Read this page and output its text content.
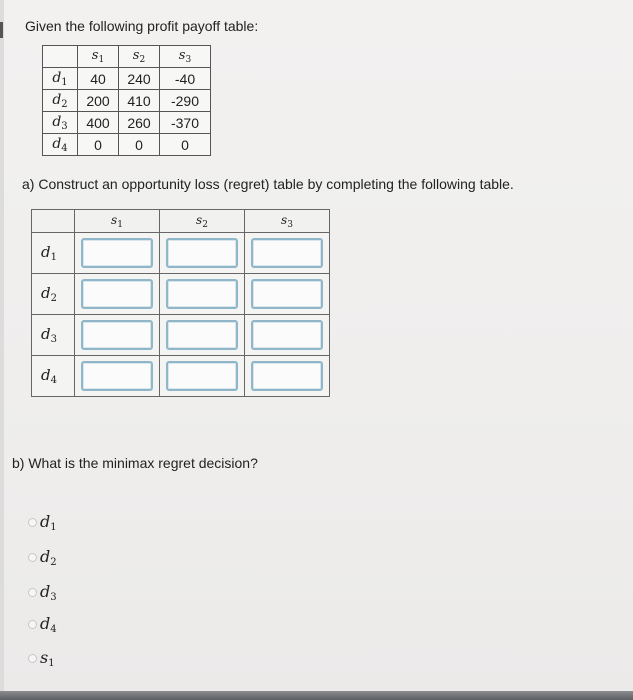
Given the following profit payoff table:
	$s_1$	$s_2$	$s_3$
$d_1$	40	240	-40
$d_2$	200	410	-290
$d_3$	400	260	-370
$d_4$	0	0	0
a) Construct an opportunity loss (regret) table by completing the following table.
	$s_1$	$s_2$	$s_3$
$d_1$	

$d_2$	

$d_3$	

$d_4$	

b) What is the minimax regret decision?
$d_1$
$d_2$
$d_3$
$d_4$
$s_1$
